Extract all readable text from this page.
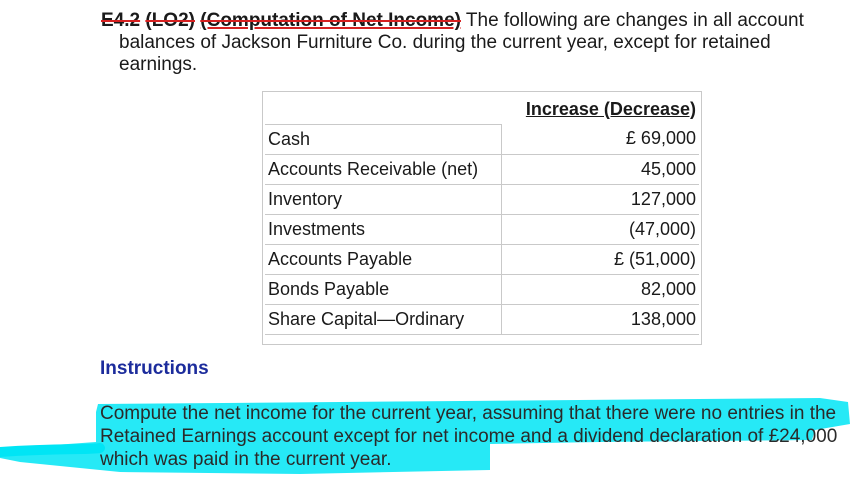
E4.2 (LO2) (Computation of Net Income) The following are changes in all account
balances of Jackson Furniture Co. during the current year, except for retained earnings.
	Increase (Decrease)
Cash	£ 69,000
Accounts Receivable (net)	45,000
Inventory	127,000
Investments	(47,000)
Accounts Payable	£ (51,000)
Bonds Payable	82,000
Share Capital—Ordinary	138,000
Instructions
Compute the net income for the current year, assuming that there were no entries in the Retained Earnings account except for net income and a dividend declaration of £24,000 which was paid in the current year.
